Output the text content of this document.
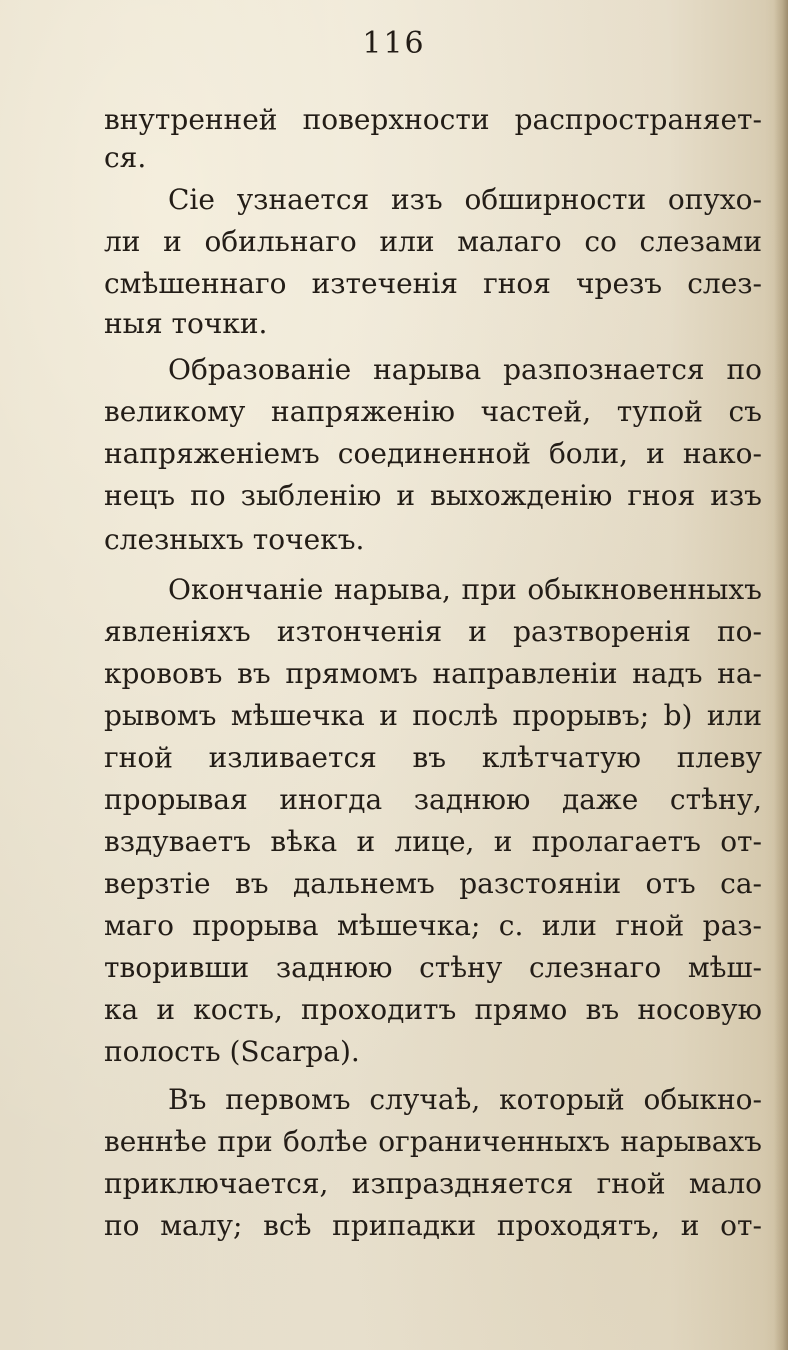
116

внутренней поверхности распространяет-

ся.

Сiе узнается изъ обширности опухо-

ли и обильнаго или малаго со слезами

смѣшеннаго изтеченiя гноя чрезъ слез-

ныя точки.

Образованiе нарыва разпознается по

великому напряженiю частей, тупой съ

напряженiемъ соединенной боли, и нако-

нецъ по зыбленiю и выхожденiю гноя изъ

слезныхъ точекъ.

Окончанiе нарыва, при обыкновенныхъ

явленiяхъ изтонченiя и разтворенiя по-

крововъ въ прямомъ направленiи надъ на-

рывомъ мѣшечка и послѣ прорывъ; b) или

гной изливается въ клѣтчатую плеву

прорывая иногда заднюю даже стѣну,

вздуваетъ вѣка и лице, и пролагаетъ от-

верзтiе въ дальнемъ разстоянiи отъ са-

маго прорыва мѣшечка; с. или гной раз-

творивши заднюю стѣну слезнаго мѣш-

ка и кость, проходитъ прямо въ носовую

полость (Scarpa).

Въ первомъ случаѣ, который обыкно-

веннѣе при болѣе ограниченныхъ нарывахъ

приключается, изпраздняется гной мало

по малу; всѣ припадки проходятъ, и от-
